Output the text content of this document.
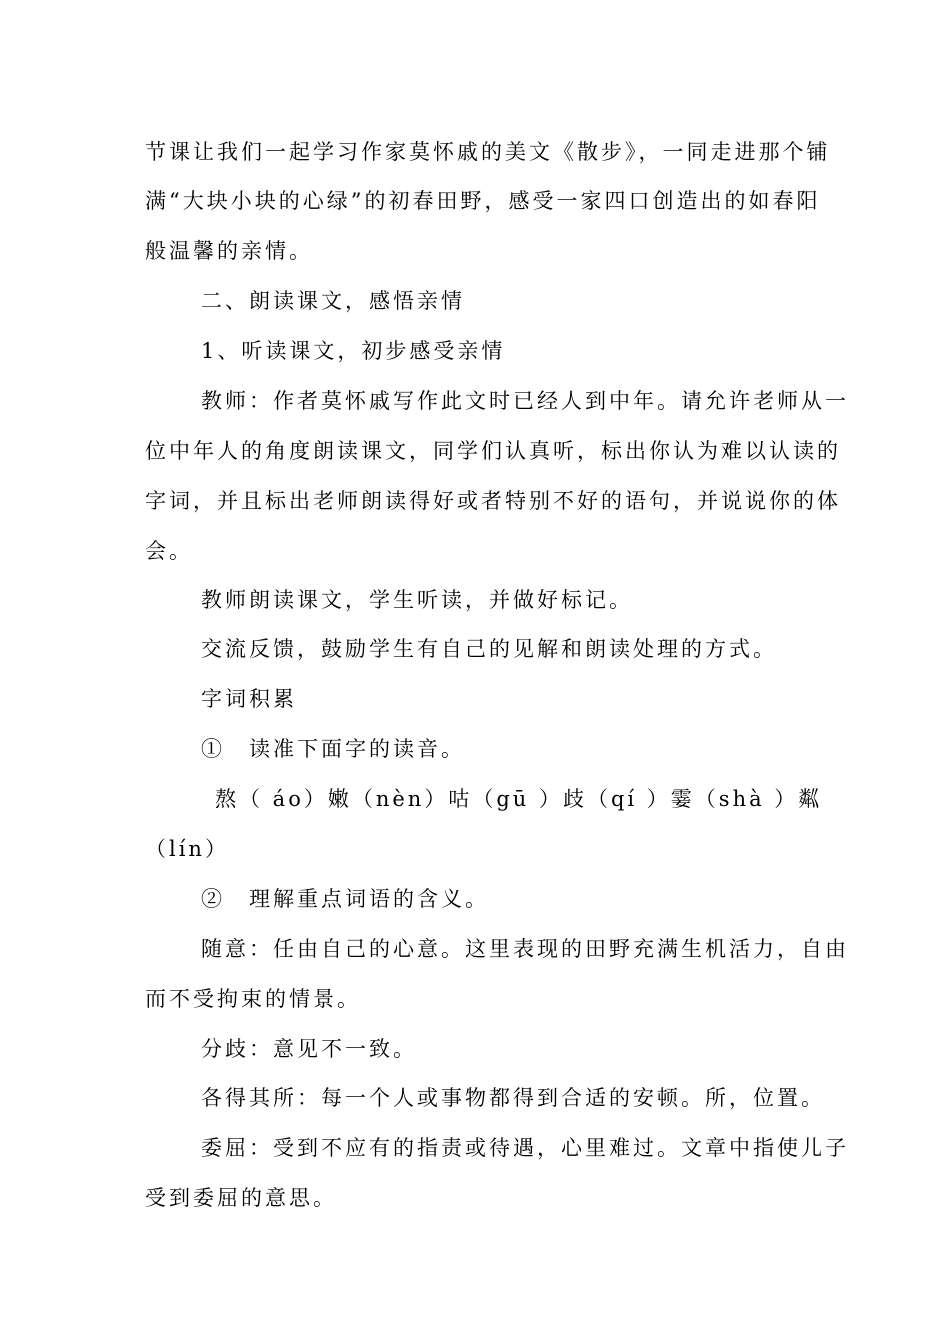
节课让我们一起学习作家莫怀戚的美文《散步》，一同走进那个铺
满“大块小块的心绿”的初春田野，感受一家四口创造出的如春阳
般温馨的亲情。
二、朗读课文，感悟亲情
1、听读课文，初步感受亲情
教师：作者莫怀戚写作此文时已经人到中年。请允许老师从一
位中年人的角度朗读课文，同学们认真听，标出你认为难以认读的
字词，并且标出老师朗读得好或者特别不好的语句，并说说你的体
会。
教师朗读课文，学生听读，并做好标记。
交流反馈，鼓励学生有自己的见解和朗读处理的方式。
字词积累
①　读准下面字的读音。
熬（ áo）嫩（nèn）咕（gū ）歧（qí ）霎（shà ）粼
（lín）
②　理解重点词语的含义。
随意：任由自己的心意。这里表现的田野充满生机活力，自由
而不受拘束的情景。
分歧：意见不一致。
各得其所：每一个人或事物都得到合适的安顿。所，位置。
委屈：受到不应有的指责或待遇，心里难过。文章中指使儿子
受到委屈的意思。
